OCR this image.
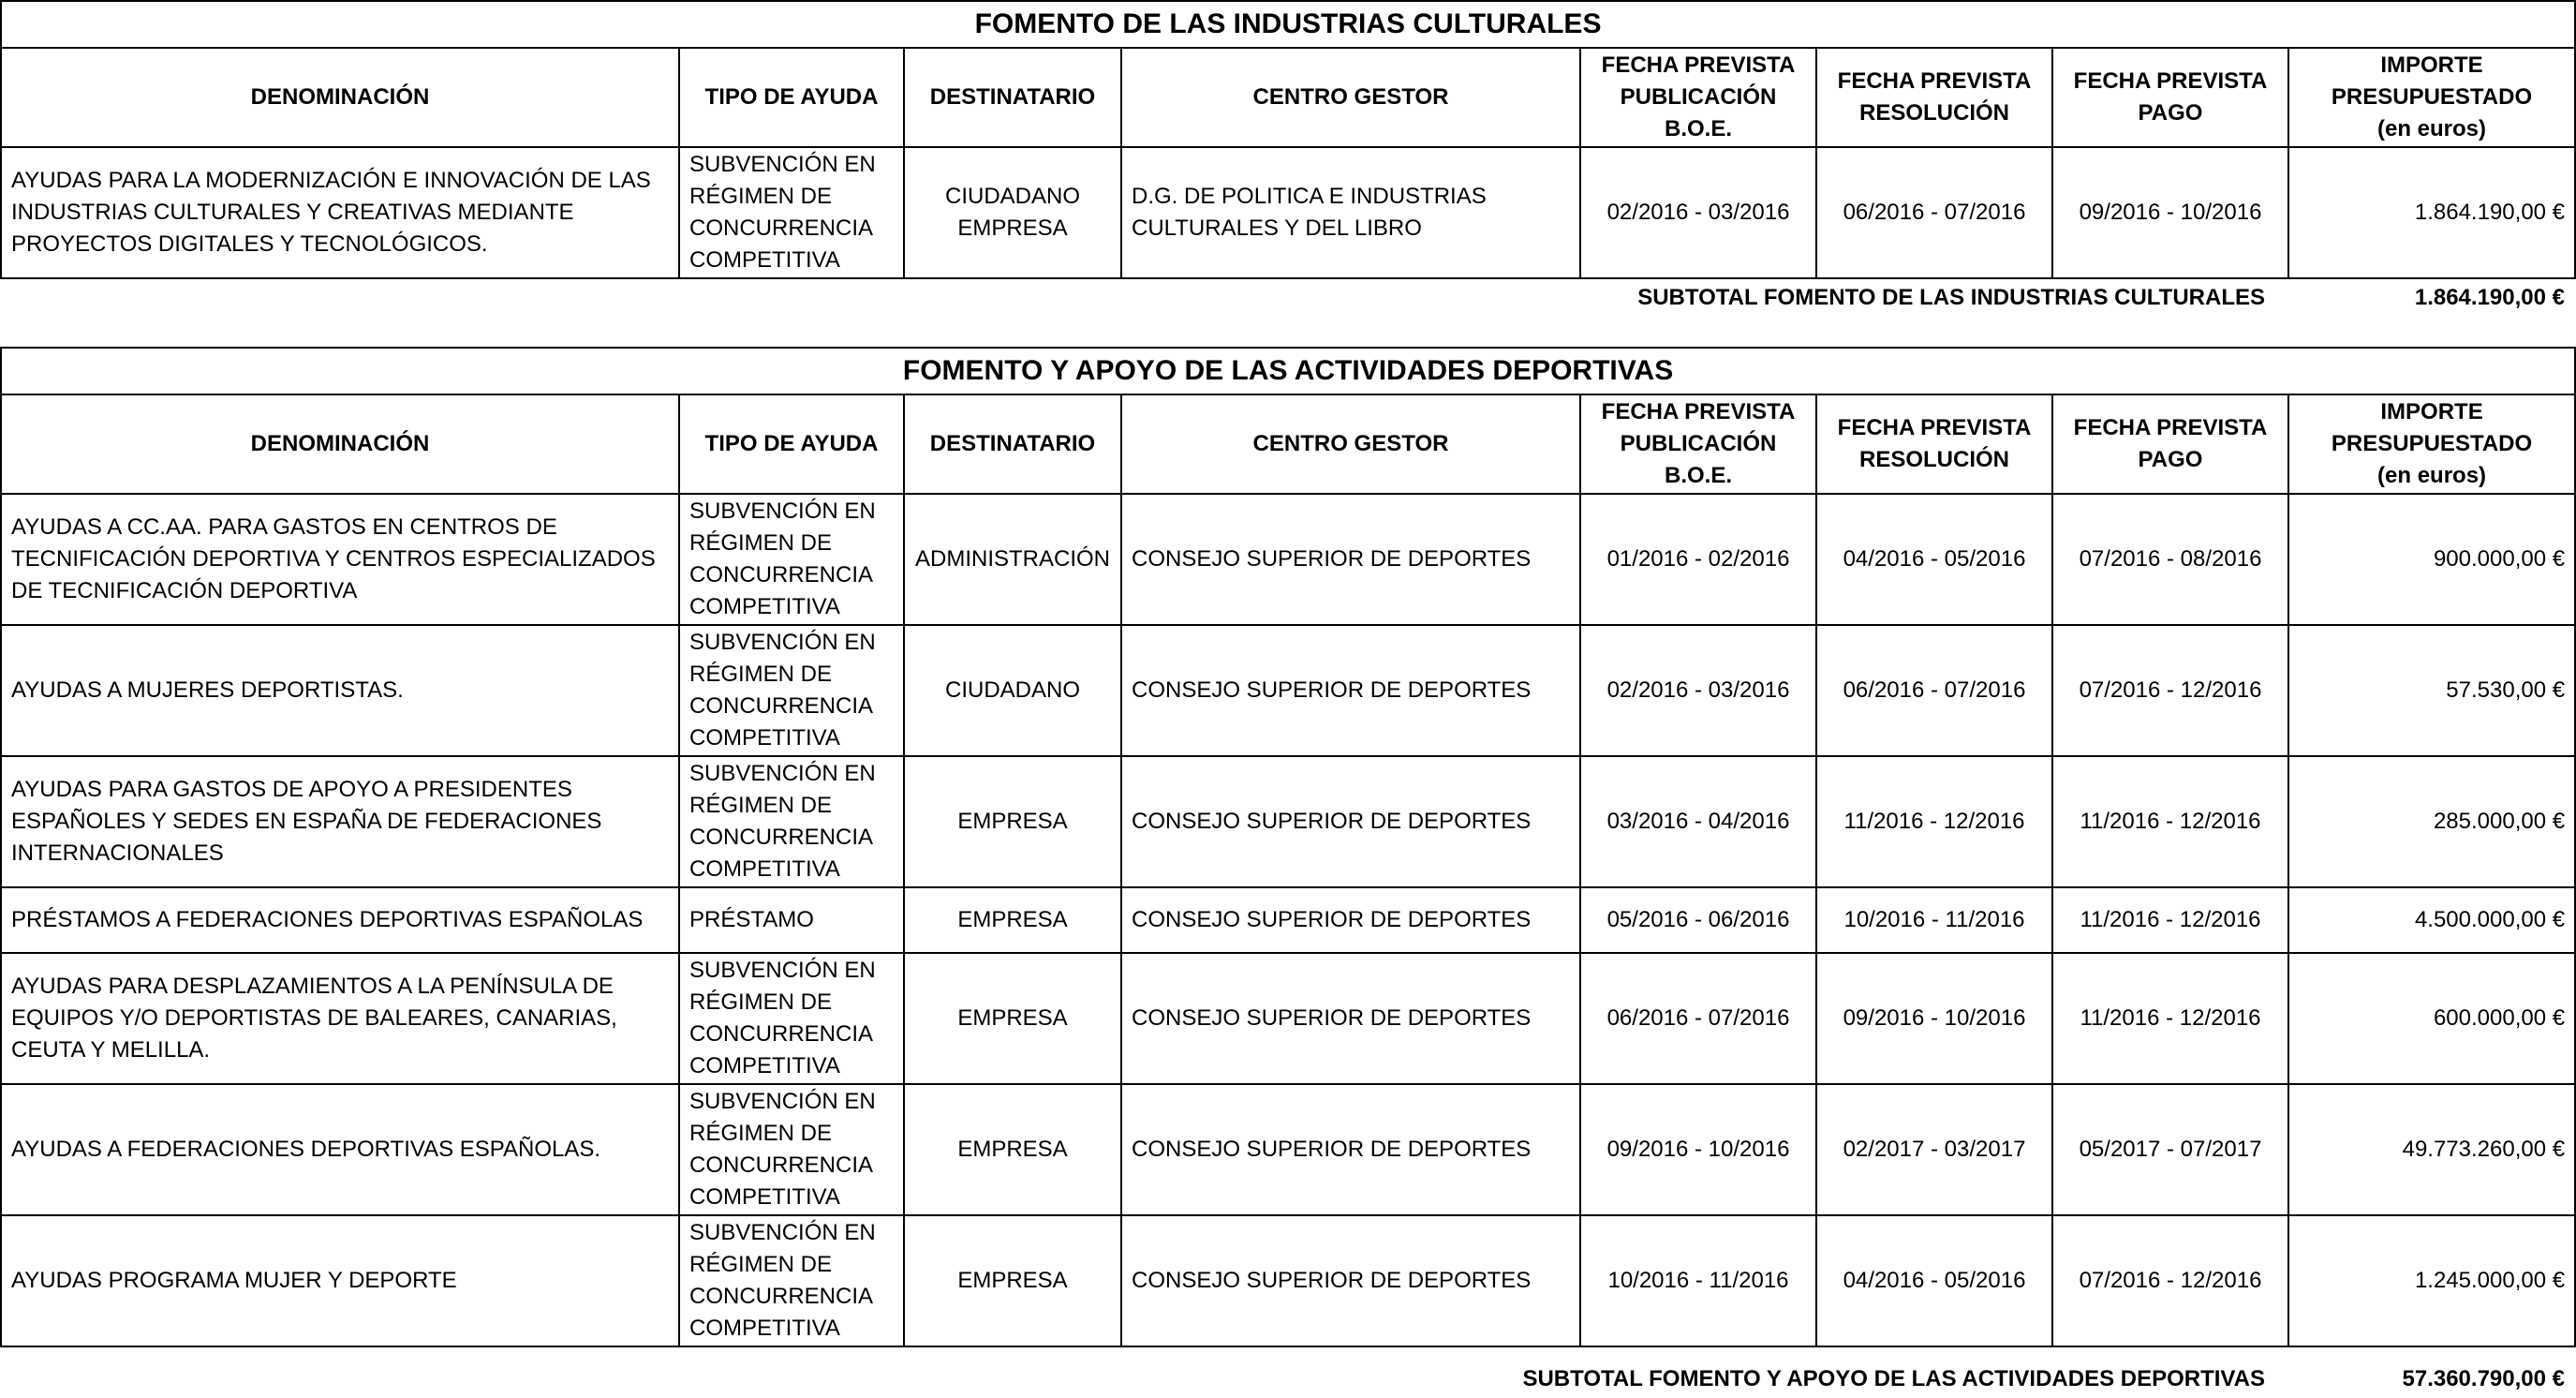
FOMENTO DE LAS INDUSTRIAS CULTURALES							

DENOMINACIÓN	TIPO DE AYUDA	DESTINATARIO	CENTRO GESTOR	FECHA PREVISTA
PUBLICACIÓN
B.O.E.	FECHA PREVISTA
RESOLUCIÓN	FECHA PREVISTA
PAGO	IMPORTE
PRESUPUESTADO
(en euros)

AYUDAS PARA LA MODERNIZACIÓN E INNOVACIÓN DE LAS INDUSTRIAS CULTURALES Y CREATIVAS MEDIANTE PROYECTOS DIGITALES Y TECNOLÓGICOS.	SUBVENCIÓN EN RÉGIMEN DE CONCURRENCIA COMPETITIVA	CIUDADANO
EMPRESA	D.G. DE POLITICA E INDUSTRIAS CULTURALES Y DEL LIBRO	02/2016 - 03/2016	06/2016 - 07/2016	09/2016 - 10/2016	1.864.190,00 €
SUBTOTAL FOMENTO DE LAS INDUSTRIAS CULTURALES	1.864.190,00 €
FOMENTO Y APOYO DE LAS ACTIVIDADES DEPORTIVAS							

DENOMINACIÓN	TIPO DE AYUDA	DESTINATARIO	CENTRO GESTOR	FECHA PREVISTA
PUBLICACIÓN
B.O.E.	FECHA PREVISTA
RESOLUCIÓN	FECHA PREVISTA
PAGO	IMPORTE
PRESUPUESTADO
(en euros)

AYUDAS A CC.AA. PARA GASTOS EN CENTROS DE TECNIFICACIÓN DEPORTIVA Y CENTROS ESPECIALIZADOS DE TECNIFICACIÓN DEPORTIVA	SUBVENCIÓN EN RÉGIMEN DE CONCURRENCIA COMPETITIVA	ADMINISTRACIÓN	CONSEJO SUPERIOR DE DEPORTES	01/2016 - 02/2016	04/2016 - 05/2016	07/2016 - 08/2016	900.000,00 €
AYUDAS A MUJERES DEPORTISTAS.	SUBVENCIÓN EN RÉGIMEN DE CONCURRENCIA COMPETITIVA	CIUDADANO	CONSEJO SUPERIOR DE DEPORTES	02/2016 - 03/2016	06/2016 - 07/2016	07/2016 - 12/2016	57.530,00 €
AYUDAS PARA GASTOS DE APOYO A PRESIDENTES ESPAÑOLES Y SEDES EN ESPAÑA DE FEDERACIONES INTERNACIONALES	SUBVENCIÓN EN RÉGIMEN DE CONCURRENCIA COMPETITIVA	EMPRESA	CONSEJO SUPERIOR DE DEPORTES	03/2016 - 04/2016	11/2016 - 12/2016	11/2016 - 12/2016	285.000,00 €
PRÉSTAMOS A FEDERACIONES DEPORTIVAS ESPAÑOLAS	PRÉSTAMO	EMPRESA	CONSEJO SUPERIOR DE DEPORTES	05/2016 - 06/2016	10/2016 - 11/2016	11/2016 - 12/2016	4.500.000,00 €
AYUDAS PARA DESPLAZAMIENTOS A LA PENÍNSULA DE EQUIPOS Y/O DEPORTISTAS DE BALEARES, CANARIAS, CEUTA Y MELILLA.	SUBVENCIÓN EN RÉGIMEN DE CONCURRENCIA COMPETITIVA	EMPRESA	CONSEJO SUPERIOR DE DEPORTES	06/2016 - 07/2016	09/2016 - 10/2016	11/2016 - 12/2016	600.000,00 €
AYUDAS A FEDERACIONES DEPORTIVAS ESPAÑOLAS.	SUBVENCIÓN EN RÉGIMEN DE CONCURRENCIA COMPETITIVA	EMPRESA	CONSEJO SUPERIOR DE DEPORTES	09/2016 - 10/2016	02/2017 - 03/2017	05/2017 - 07/2017	49.773.260,00 €
AYUDAS PROGRAMA MUJER Y DEPORTE	SUBVENCIÓN EN RÉGIMEN DE CONCURRENCIA COMPETITIVA	EMPRESA	CONSEJO SUPERIOR DE DEPORTES	10/2016 - 11/2016	04/2016 - 05/2016	07/2016 - 12/2016	1.245.000,00 €
SUBTOTAL FOMENTO Y APOYO DE LAS ACTIVIDADES DEPORTIVAS	57.360.790,00 €
